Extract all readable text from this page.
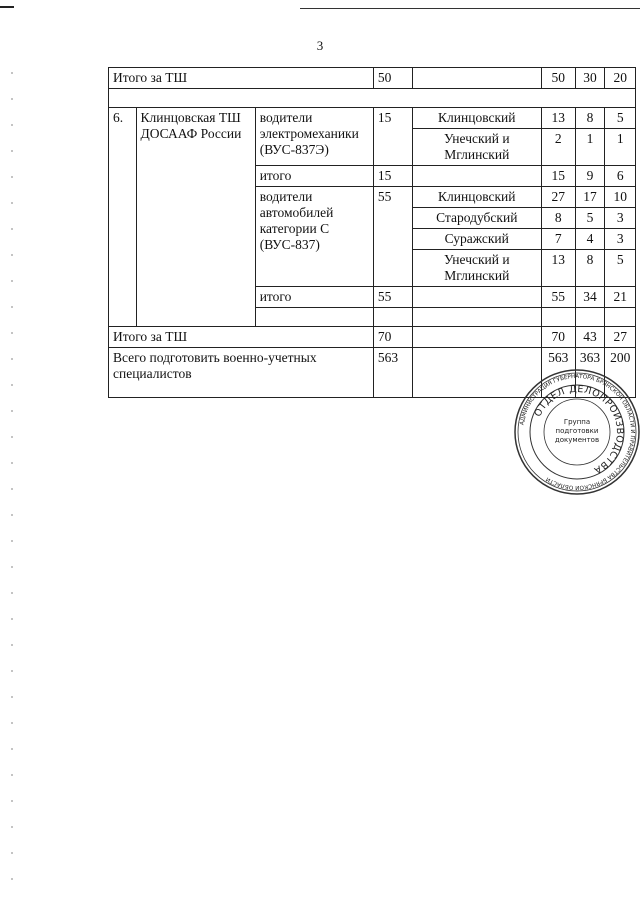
3
Итого за ТШ			50		50	30	20

6.	Клинцовская ТШ ДОСААФ России	водители электромеханики (ВУС-837Э)	15	Клинцовский	13	8	5
				Унечский и Мглинский	2	1	1
		итого	15		15	9	6
		водители автомобилей категории С (ВУС-837)	55	Клинцовский	27	17	10
				Стародубский	8	5	3
				Суражский	7	4	3
				Унечский и Мглинский	13	8	5
		итого	55		55	34	21

Итого за ТШ			70		70	43	27
Всего подготовить военно-учетных специалистов			563		563	363	200
АДМИНИСТРАЦИЯ ГУБЕРНАТОРА БРЯНСКОЙ ОБЛАСТИ И ПРАВИТЕЛЬСТВА БРЯНСКОЙ ОБЛАСТИ
ОТДЕЛ ДЕЛОПРОИЗВОДСТВА
Группа
подготовки
документов
